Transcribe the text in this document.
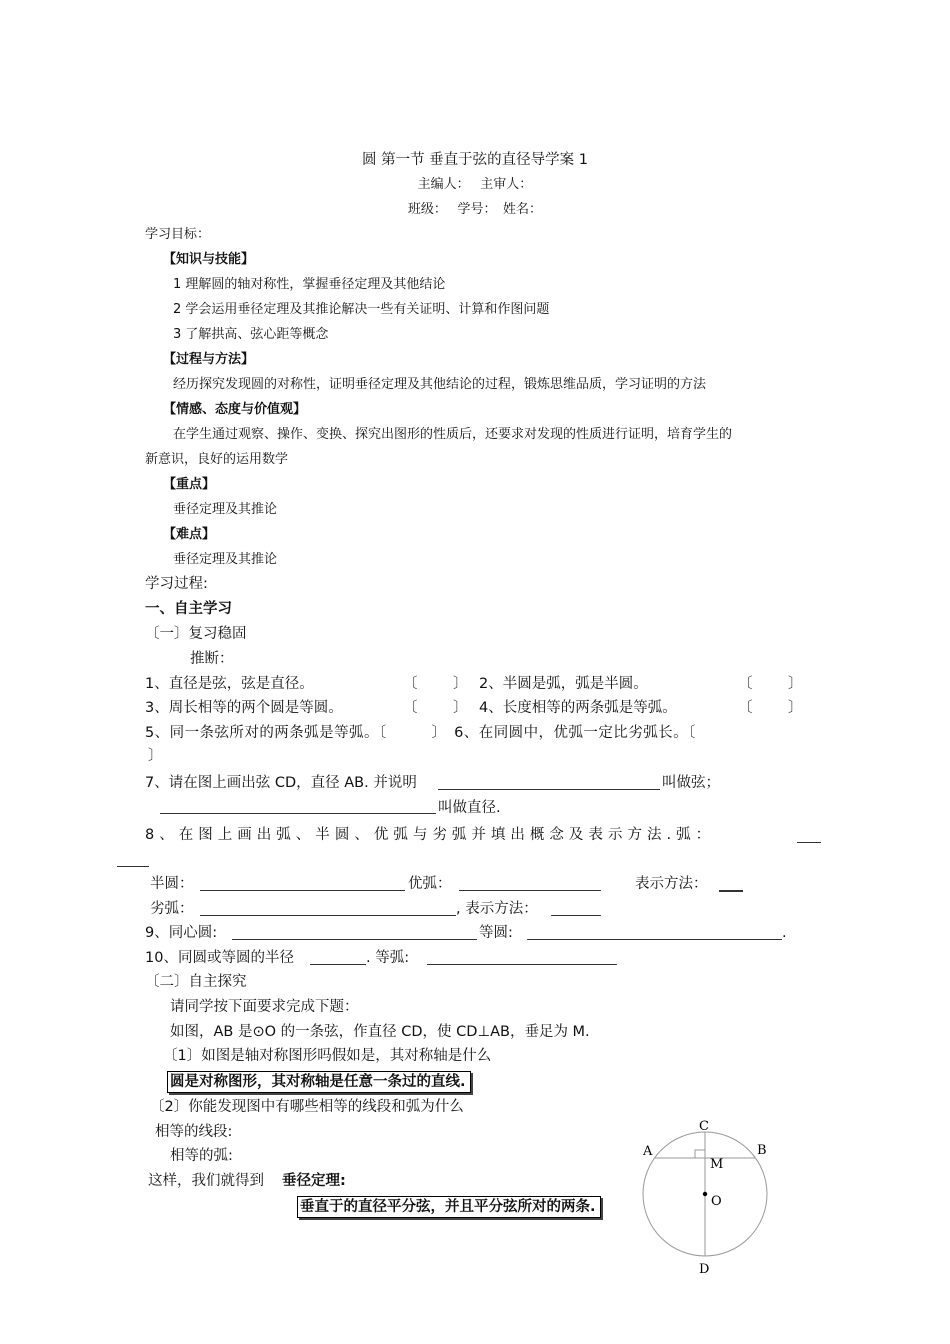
圆 第一节 垂直于弦的直径导学案 1
主编人：　 主审人：
班级：　 学号：　姓名：
学习目标：
【知识与技能】
1 理解圆的轴对称性，掌握垂径定理及其他结论
2 学会运用垂径定理及其推论解决一些有关证明、计算和作图问题
3 了解拱高、弦心距等概念
【过程与方法】
经历探究发现圆的对称性，证明垂径定理及其他结论的过程，锻炼思维品质，学习证明的方法
【情感、态度与价值观】
在学生通过观察、操作、变换、探究出图形的性质后，还要求对发现的性质进行证明，培育学生的
新意识，良好的运用数学
【重点】
垂径定理及其推论
【难点】
垂径定理及其推论
学习过程:
一、自主学习
〔一〕复习稳固
推断：
1、直径是弦，弦是直径。	〔 〕 2、半圆是弧，弧是半圆。	〔 〕
3、周长相等的两个圆是等圆。	〔 〕 4、长度相等的两条弧是等弧。	〔 〕
5、同一条弦所对的两条弧是等弧。〔　　　〕　6、在同圆中，优弧一定比劣弧长。〔
〕
7、请在图上画出弦 CD，直径 AB. 并说明	叫做弦；
叫做直径.
8 、 在 图 上 画 出 弧 、 半 圆 、 优 弧 与 劣 弧 并 填 出 概 念 及 表 示 方 法 . 弧 ：
半圆：	优弧：	表示方法：
劣弧：	, 表示方法：
9、同心圆:	等圆:	.
10、同圆或等圆的半径	. 等弧:
〔二〕自主探究
请同学按下面要求完成下题：
如图，AB 是⊙O 的一条弦，作直径 CD，使 CD⊥AB，垂足为 M.
〔1〕如图是轴对称图形吗假如是，其对称轴是什么
圆是对称图形，其对称轴是任意一条过的直线.
〔2〕你能发现图中有哪些相等的线段和弧为什么
相等的线段:
相等的弧:
这样，我们就得到 垂径定理:
垂直于的直径平分弦，并且平分弦所对的两条.
C
A	B
M
O
D
